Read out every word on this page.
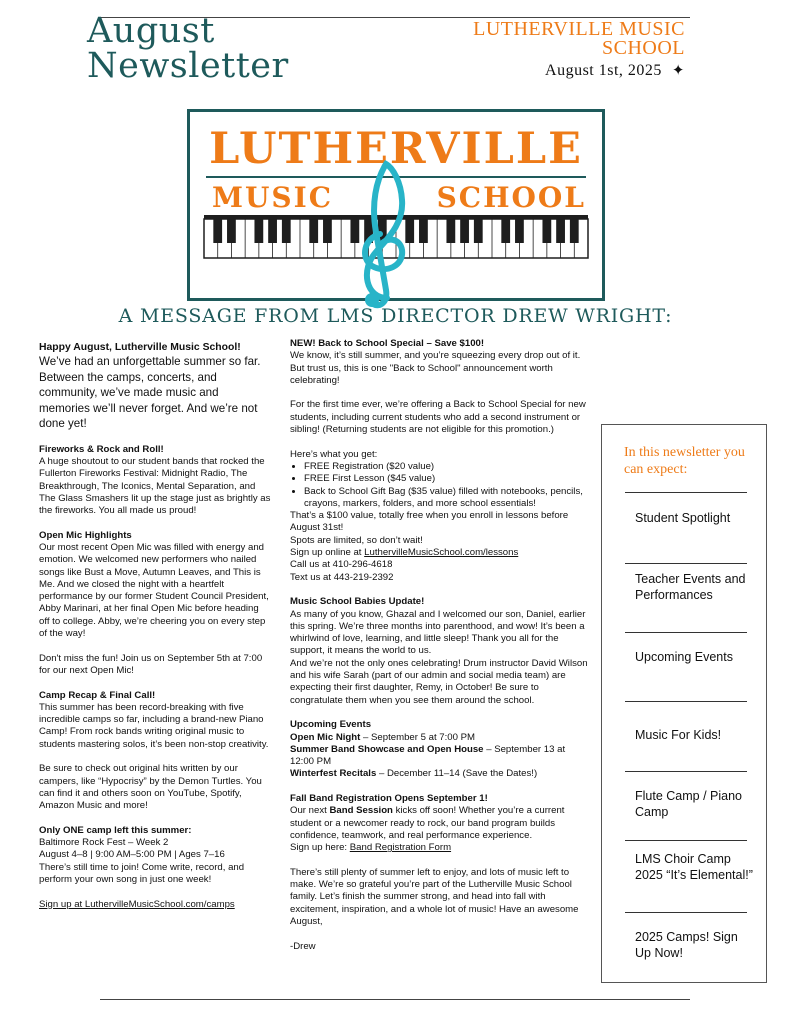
August
Newsletter
LUTHERVILLE MUSIC
SCHOOL
August 1st, 2025 ✦
LUTHERVILLE
MUSIC	SCHOOL
A MESSAGE FROM LMS DIRECTOR DREW WRIGHT:

Happy August, Lutherville Music School!

We’ve had an unforgettable summer so far. Between the camps, concerts, and community, we’ve made music and memories we’ll never forget. And we’re not done yet!

Fireworks & Rock and Roll!

A huge shoutout to our student bands that rocked the Fullerton Fireworks Festival: Midnight Radio, The Breakthrough, The Iconics, Mental Separation, and The Glass Smashers lit up the stage just as brightly as the fireworks. You all made us proud!

Open Mic Highlights

Our most recent Open Mic was filled with energy and emotion. We welcomed new performers who nailed songs like Bust a Move, Autumn Leaves, and This is Me. And we closed the night with a heartfelt performance by our former Student Council President, Abby Marinari, at her final Open Mic before heading off to college. Abby, we’re cheering you on every step of the way!

Don't miss the fun! Join us on September 5th at 7:00 for our next Open Mic!

Camp Recap & Final Call!

This summer has been record-breaking with five incredible camps so far, including a brand-new Piano Camp! From rock bands writing original music to students mastering solos, it’s been non-stop creativity.

Be sure to check out original hits written by our campers, like “Hypocrisy” by the Demon Turtles. You can find it and others soon on YouTube, Spotify, Amazon Music and more!

Only ONE camp left this summer:

Baltimore Rock Fest – Week 2

August 4–8 | 9:00 AM–5:00 PM | Ages 7–16

There’s still time to join! Come write, record, and perform your own song in just one week!

Sign up at LuthervilleMusicSchool.com/camps

NEW! Back to School Special – Save $100!

We know, it’s still summer, and you’re squeezing every drop out of it. But trust us, this is one "Back to School" announcement worth celebrating!

For the first time ever, we’re offering a Back to School Special for new students, including current students who add a second instrument or sibling! (Returning students are not eligible for this promotion.)

Here’s what you get:

• FREE Registration ($20 value)
• FREE First Lesson ($45 value)
• Back to School Gift Bag ($35 value) filled with notebooks, pencils, crayons, markers, folders, and more school essentials!

That’s a $100 value, totally free when you enroll in lessons before August 31st!

Spots are limited, so don’t wait!

Sign up online at LuthervilleMusicSchool.com/lessons

Call us at 410-296-4618

Text us at 443-219-2392

Music School Babies Update!

As many of you know, Ghazal and I welcomed our son, Daniel, earlier this spring. We’re three months into parenthood, and wow! It’s been a whirlwind of love, learning, and little sleep! Thank you all for the support, it means the world to us.

And we’re not the only ones celebrating! Drum instructor David Wilson and his wife Sarah (part of our admin and social media team) are expecting their first daughter, Remy, in October! Be sure to congratulate them when you see them around the school.

Upcoming Events

Open Mic Night – September 5 at 7:00 PM

Summer Band Showcase and Open House – September 13 at 12:00 PM

Winterfest Recitals – December 11–14 (Save the Dates!)

Fall Band Registration Opens September 1!

Our next Band Session kicks off soon! Whether you’re a current student or a newcomer ready to rock, our band program builds confidence, teamwork, and real performance experience.

Sign up here: Band Registration Form

There’s still plenty of summer left to enjoy, and lots of music left to make. We’re so grateful you’re part of the Lutherville Music School family. Let’s finish the summer strong, and head into fall with excitement, inspiration, and a whole lot of music! Have an awesome August,

-Drew

In this newsletter you can expect:
Student Spotlight
Teacher Events and Performances
Upcoming Events
Music For Kids!
Flute Camp / Piano Camp
LMS Choir Camp 2025 “It’s Elemental!”
2025 Camps! Sign Up Now!
